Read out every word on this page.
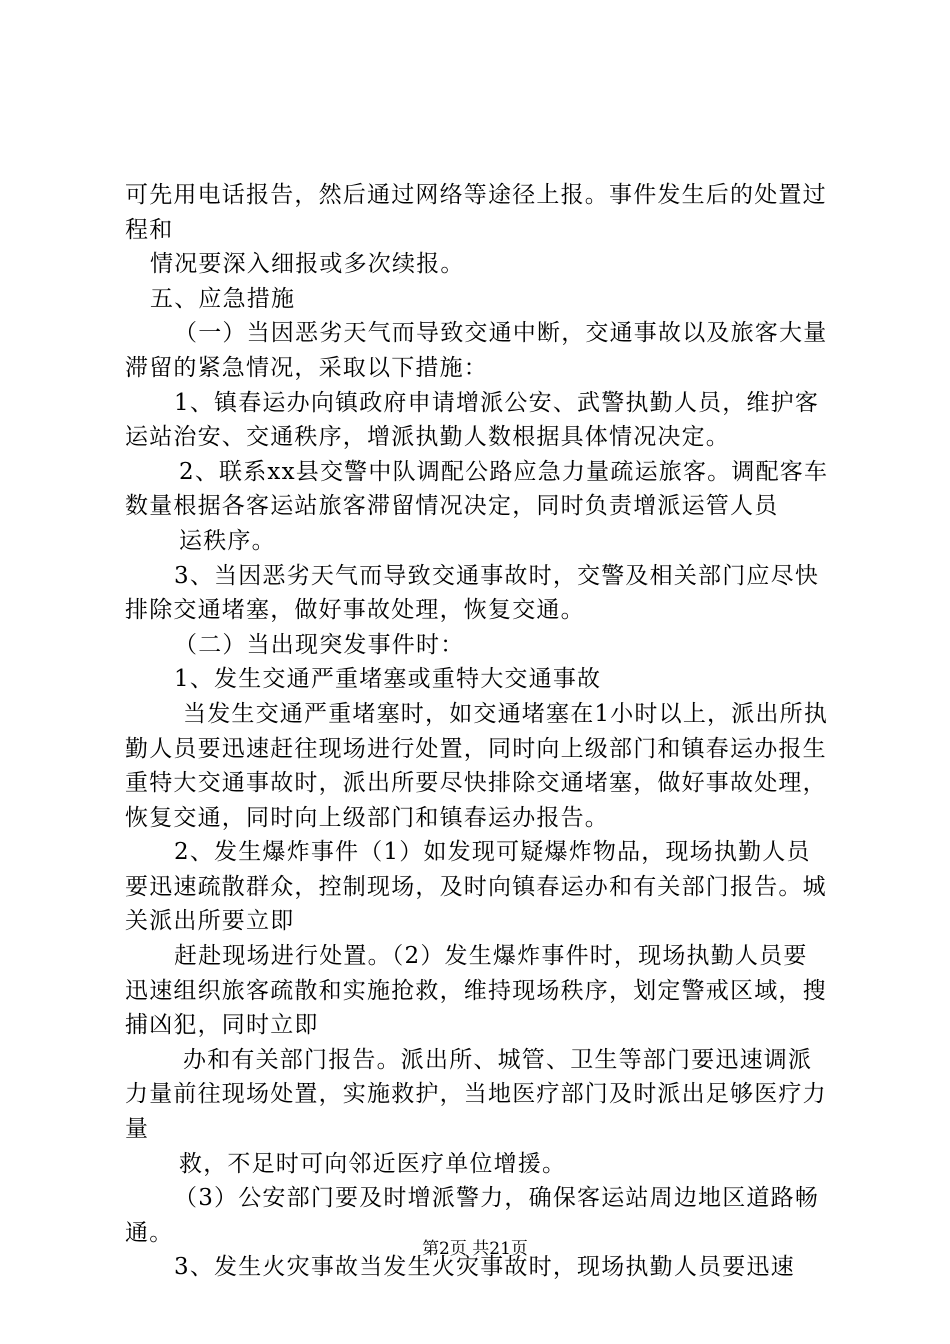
可先用电话报告，然后通过网络等途径上报。事件发生后的处置过程和

情况要深入细报或多次续报。

五、应急措施

（一）当因恶劣天气而导致交通中断，交通事故以及旅客大量滞留的紧急情况，采取以下措施：

1、镇春运办向镇政府申请增派公安、武警执勤人员，维护客运站治安、交通秩序，增派执勤人数根据具体情况决定。

2、联系xx县交警中队调配公路应急力量疏运旅客。调配客车数量根据各客运站旅客滞留情况决定，同时负责增派运管人员

运秩序。

3、当因恶劣天气而导致交通事故时，交警及相关部门应尽快排除交通堵塞，做好事故处理，恢复交通。

（二）当出现突发事件时：

1、发生交通严重堵塞或重特大交通事故

当发生交通严重堵塞时，如交通堵塞在1小时以上，派出所执勤人员要迅速赶往现场进行处置，同时向上级部门和镇春运办报生重特大交通事故时，派出所要尽快排除交通堵塞，做好事故处理，恢复交通，同时向上级部门和镇春运办报告。

2、发生爆炸事件（1）如发现可疑爆炸物品，现场执勤人员要迅速疏散群众，控制现场，及时向镇春运办和有关部门报告。城关派出所要立即

赶赴现场进行处置。（2）发生爆炸事件时，现场执勤人员要迅速组织旅客疏散和实施抢救，维持现场秩序，划定警戒区域，搜捕凶犯，同时立即

办和有关部门报告。派出所、城管、卫生等部门要迅速调派力量前往现场处置，实施救护，当地医疗部门及时派出足够医疗力量

救，不足时可向邻近医疗单位增援。

（3）公安部门要及时增派警力，确保客运站周边地区道路畅通。

3、发生火灾事故当发生火灾事故时，现场执勤人员要迅速

第2页 共21页
